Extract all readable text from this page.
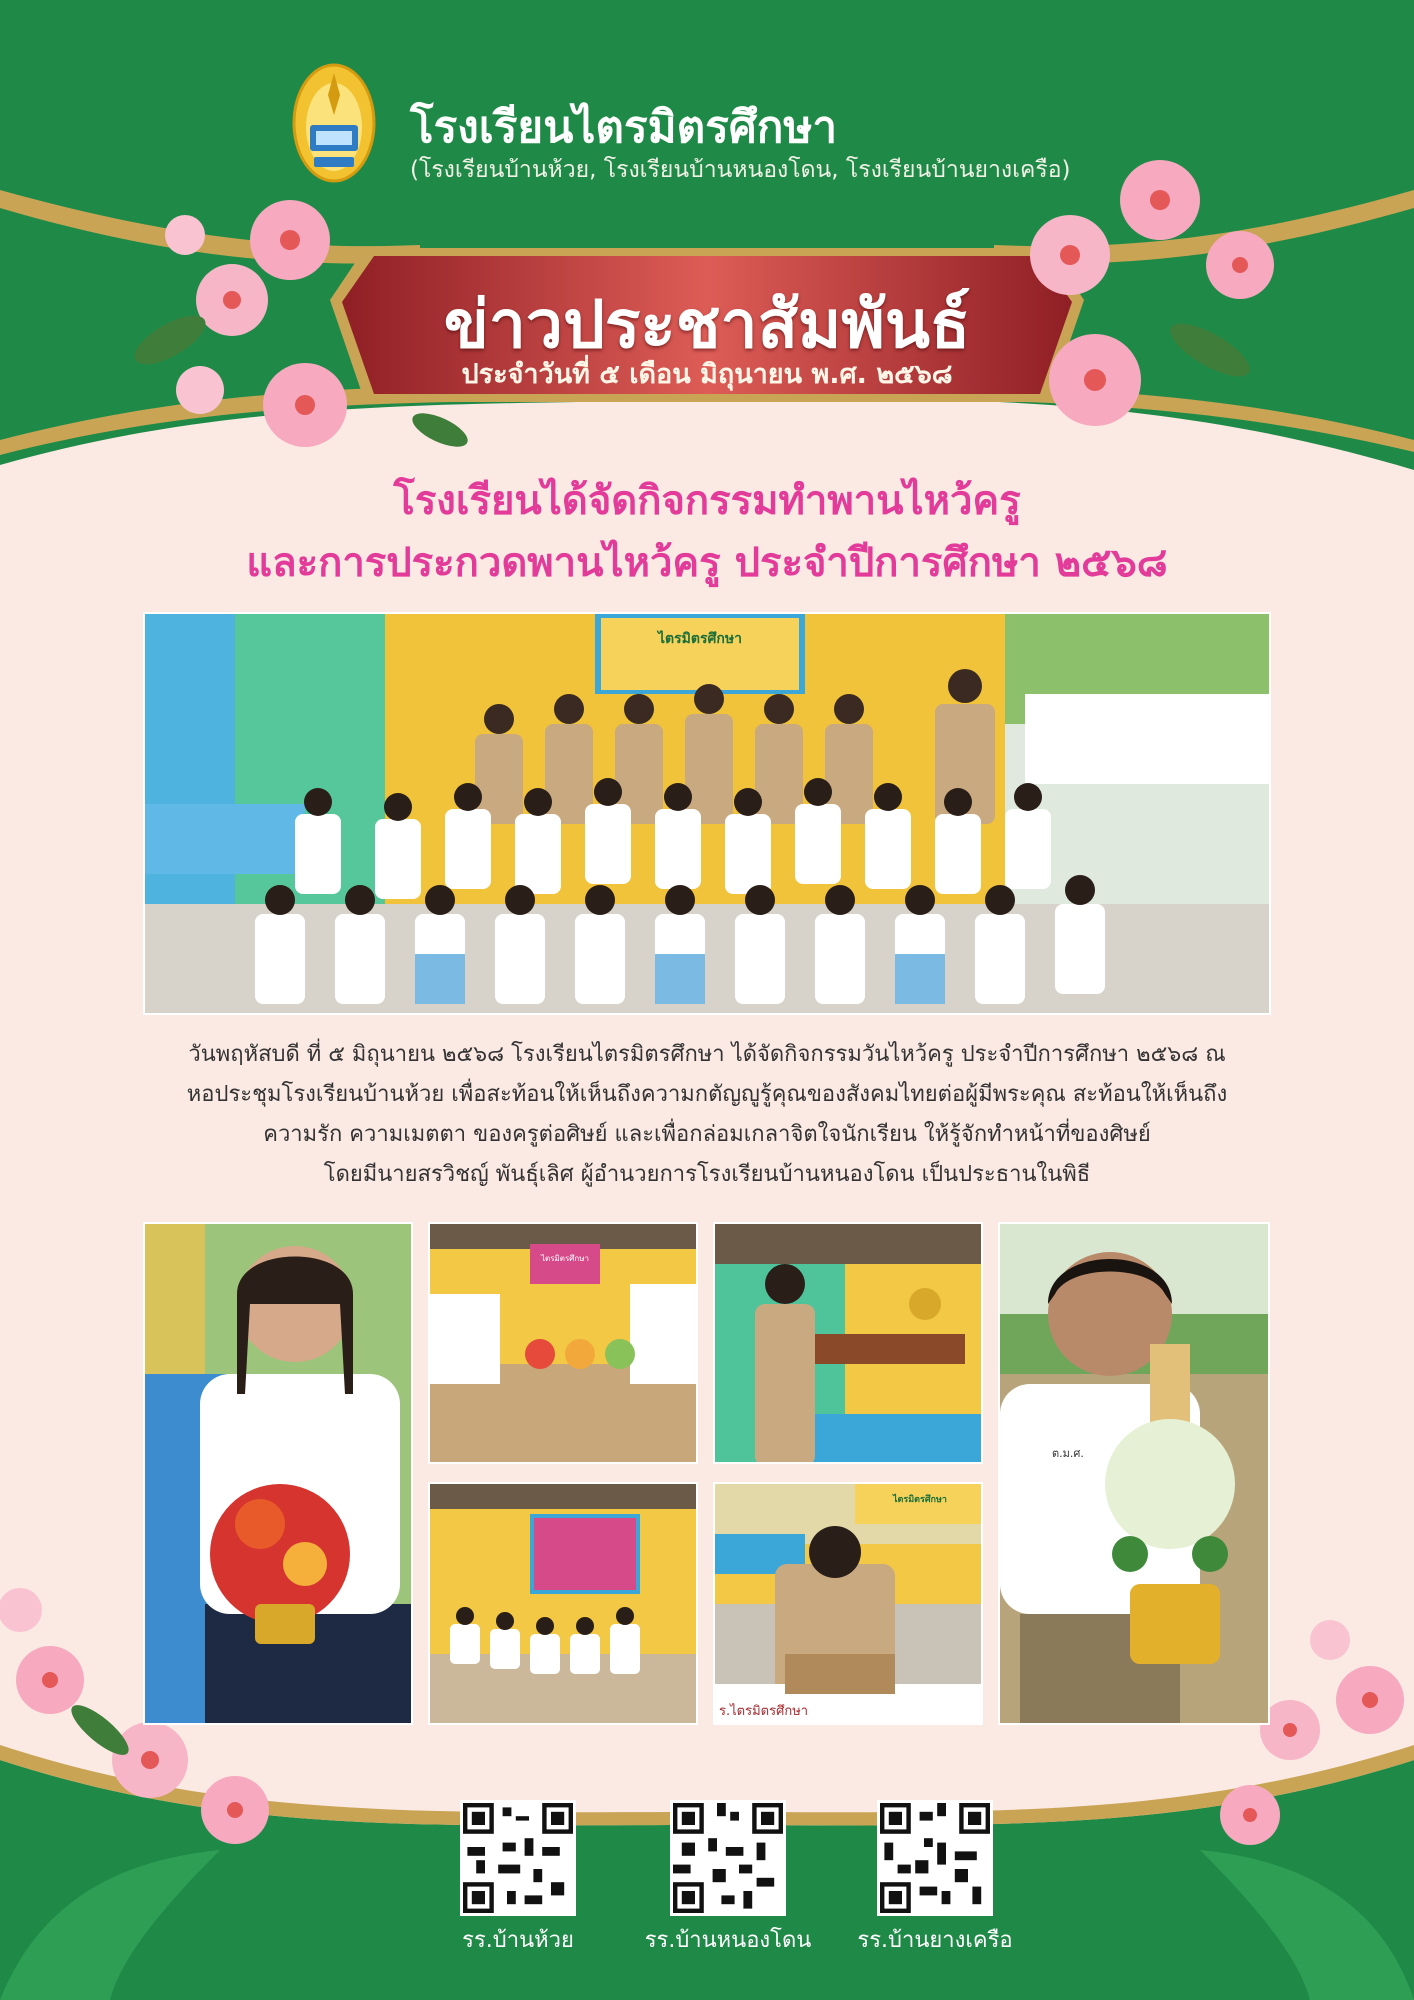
โรงเรียนไตรมิตรศึกษา
(โรงเรียนบ้านห้วย, โรงเรียนบ้านหนองโดน, โรงเรียนบ้านยางเครือ)
ข่าวประชาสัมพันธ์
ประจำวันที่ ๕ เดือน มิถุนายน พ.ศ. ๒๕๖๘
โรงเรียนได้จัดกิจกรรมทำพานไหว้ครู
และการประกวดพานไหว้ครู ประจำปีการศึกษา ๒๕๖๘
ไตรมิตรศึกษา
วันพฤหัสบดี ที่ ๕ มิถุนายน ๒๕๖๘ โรงเรียนไตรมิตรศึกษา ได้จัดกิจกรรมวันไหว้ครู ประจำปีการศึกษา ๒๕๖๘ ณ
หอประชุมโรงเรียนบ้านห้วย เพื่อสะท้อนให้เห็นถึงความกตัญญูรู้คุณของสังคมไทยต่อผู้มีพระคุณ สะท้อนให้เห็นถึง
ความรัก ความเมตตา ของครูต่อศิษย์ และเพื่อกล่อมเกลาจิตใจนักเรียน ให้รู้จักทำหน้าที่ของศิษย์
โดยมีนายสรวิชญ์ พันธุ์เลิศ ผู้อำนวยการโรงเรียนบ้านหนองโดน เป็นประธานในพิธี
ไตรมิตรศึกษา
ต.ม.ศ.
ไตรมิตรศึกษา
ร.ไตรมิตรศึกษา
รร.บ้านห้วย	รร.บ้านหนองโดน	รร.บ้านยางเครือ
